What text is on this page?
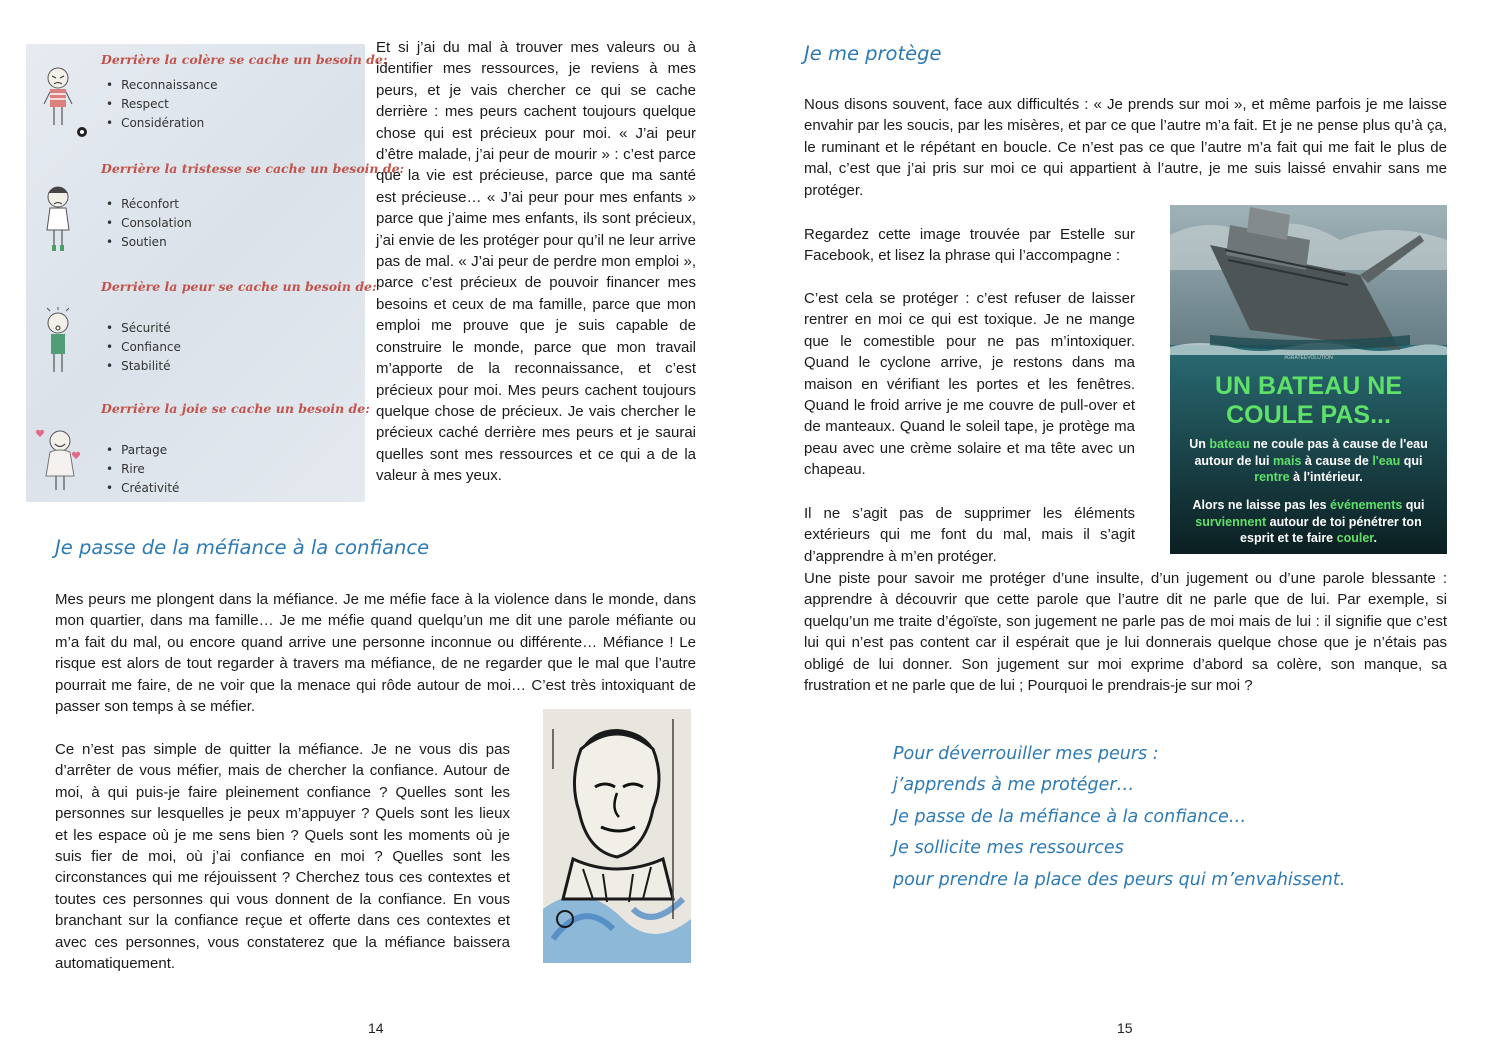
Derrière la colère se cache un besoin de:
• Reconnaissance
• Respect
• Considération
Derrière la tristesse se cache un besoin de:
• Réconfort
• Consolation
• Soutien
Derrière la peur se cache un besoin de:
• Sécurité
• Confiance
• Stabilité
Derrière la joie se cache un besoin de:
• Partage
• Rire
• Créativité
Et si j’ai du mal à trouver mes valeurs ou à identifier mes ressources, je reviens à mes peurs, et je vais chercher ce qui se cache derrière : mes peurs cachent toujours quelque chose qui est précieux pour moi. « J’ai peur d’être malade, j’ai peur de mourir » : c’est parce que la vie est précieuse, parce que ma santé est précieuse… « J’ai peur pour mes enfants » parce que j’aime mes enfants, ils sont précieux, j’ai envie de les protéger pour qu’il ne leur arrive pas de mal. « J’ai peur de perdre mon emploi », parce c’est précieux de pouvoir financer mes besoins et ceux de ma famille, parce que mon emploi me prouve que je suis capable de construire le monde, parce que mon travail m’apporte de la reconnaissance, et c’est précieux pour moi. Mes peurs cachent toujours quelque chose de précieux. Je vais chercher le précieux caché derrière mes peurs et je saurai quelles sont mes ressources et ce qui a de la valeur à mes yeux.
Je passe de la méfiance à la confiance
Mes peurs me plongent dans la méfiance. Je me méfie face à la violence dans le monde, dans mon quartier, dans ma famille… Je me méfie quand quelqu’un me dit une parole méfiante ou m’a fait du mal, ou encore quand arrive une personne inconnue ou différente… Méfiance ! Le risque est alors de tout regarder à travers ma méfiance, de ne regarder que le mal que l’autre pourrait me faire, de ne voir que la menace qui rôde autour de moi… C’est très intoxiquant de passer son temps à se méfier.
Ce n’est pas simple de quitter la méfiance. Je ne vous dis pas d’arrêter de vous méfier, mais de chercher la confiance. Autour de moi, à qui puis-je faire pleinement confiance ? Quelles sont les personnes sur lesquelles je peux m’appuyer ? Quels sont les lieux et les espace où je me sens bien ? Quels sont les moments où je suis fier de moi, où j’ai confiance en moi ? Quelles sont les circonstances qui me réjouissent ? Cherchez tous ces contextes et toutes ces personnes qui vous donnent de la confiance. En vous branchant sur la confiance reçue et offerte dans ces contextes et avec ces personnes, vous constaterez que la méfiance baissera automatiquement.
14
Je me protège
Nous disons souvent, face aux difficultés : « Je prends sur moi », et même parfois je me laisse envahir par les soucis, par les misères, et par ce que l’autre m’a fait. Et je ne pense plus qu’à ça, le ruminant et le répétant en boucle. Ce n’est pas ce que l’autre m’a fait qui me fait le plus de mal, c’est que j’ai pris sur moi ce qui appartient à l’autre, je me suis laissé envahir sans me protéger.
Regardez cette image trouvée par Estelle sur Facebook, et lisez la phrase qui l’accompagne :
C’est cela se protéger : c’est refuser de laisser rentrer en moi ce qui est toxique. Je ne mange que le comestible pour ne pas m’intoxiquer. Quand le cyclone arrive, je restons dans ma maison en vérifiant les portes et les fenêtres. Quand le froid arrive je me couvre de pull-over et de manteaux. Quand le soleil tape, je protège ma peau avec une crème solaire et ma tête avec un chapeau.
Il ne s’agit pas de supprimer les éléments extérieurs qui me font du mal, mais il s’agit d’apprendre à m’en protéger.
Une piste pour savoir me protéger d’une insulte, d’un jugement ou d’une parole blessante : apprendre à découvrir que cette parole que l’autre dit ne parle que de lui. Par exemple, si quelqu’un me traite d’égoïste, son jugement ne parle pas de moi mais de lui : il signifie que c’est lui qui n’est pas content car il espérait que je lui donnerais quelque chose que je n’étais pas obligé de lui donner. Son jugement sur moi exprime d’abord sa colère, son manque, sa frustration et ne parle que de lui ; Pourquoi le prendrais-je sur moi ?
#GRATEEVOLUTION
UN BATEAU NE
COULE PAS...
Un bateau ne coule pas à cause de l'eau autour de lui mais à cause de l'eau qui rentre à l'intérieur.
Alors ne laisse pas les événements qui surviennent autour de toi pénétrer ton esprit et te faire couler.
Pour déverrouiller mes peurs :
j’apprends à me protéger…
Je passe de la méfiance à la confiance…
Je sollicite mes ressources
pour prendre la place des peurs qui m’envahissent.
15
